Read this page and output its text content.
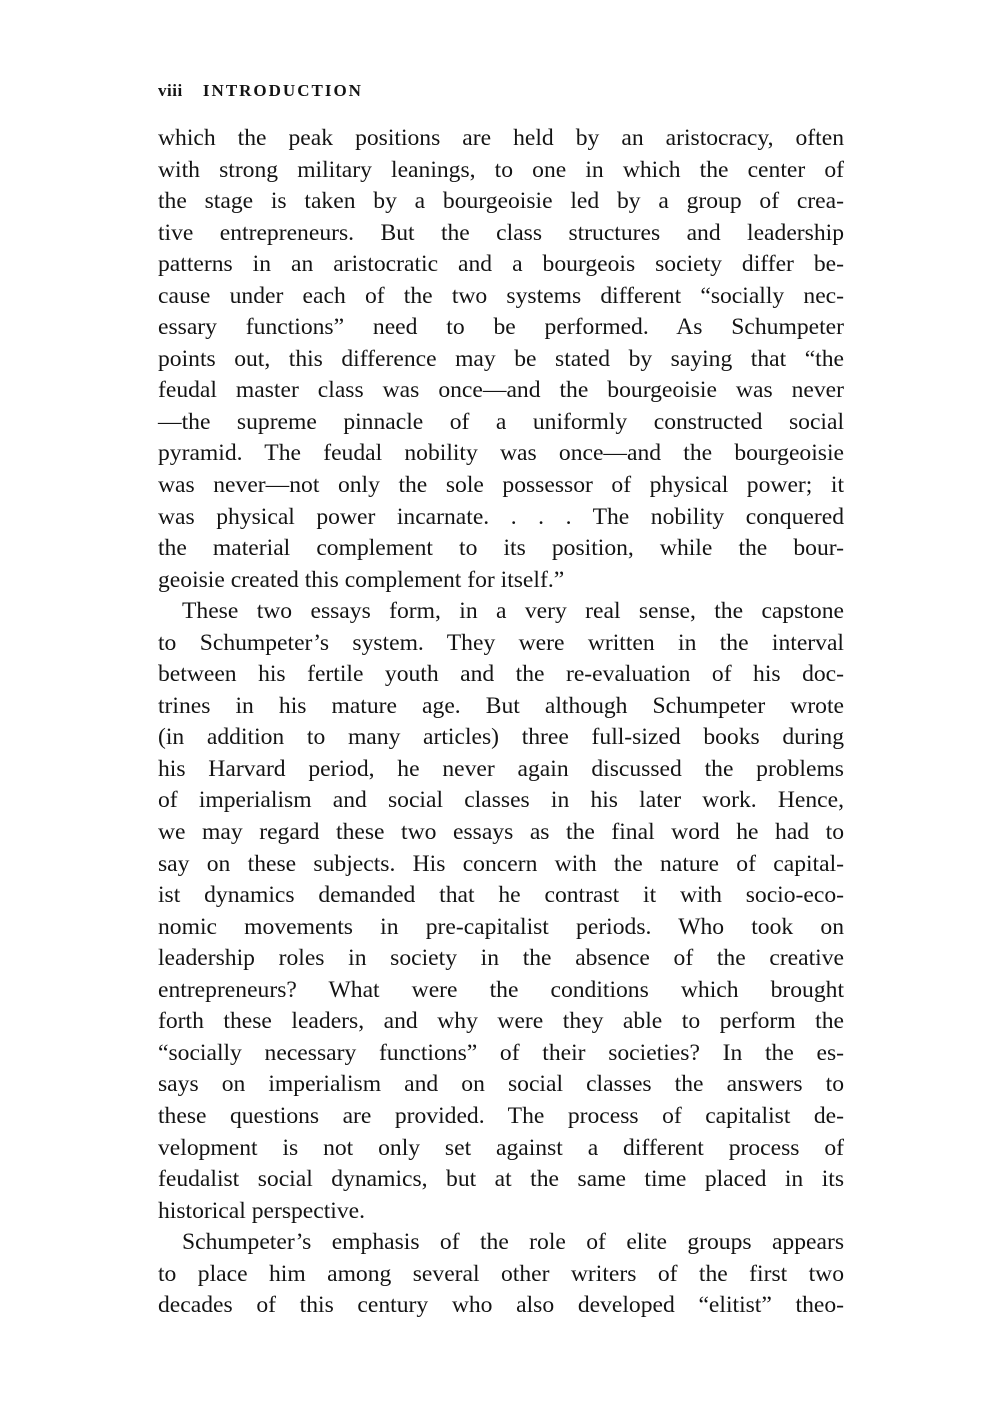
viii INTRODUCTION
which the peak positions are held by an aristocracy, often
with strong military leanings, to one in which the center of
the stage is taken by a bourgeoisie led by a group of crea-
tive entrepreneurs. But the class structures and leadership
patterns in an aristocratic and a bourgeois society differ be-
cause under each of the two systems different “socially nec-
essary functions” need to be performed. As Schumpeter
points out, this difference may be stated by saying that “the
feudal master class was once—and the bourgeoisie was never
—the supreme pinnacle of a uniformly constructed social
pyramid. The feudal nobility was once—and the bourgeoisie
was never—not only the sole possessor of physical power; it
was physical power incarnate. . . . The nobility conquered
the material complement to its position, while the bour-
geoisie created this complement for itself.”
These two essays form, in a very real sense, the capstone
to Schumpeter’s system. They were written in the interval
between his fertile youth and the re-evaluation of his doc-
trines in his mature age. But although Schumpeter wrote
(in addition to many articles) three full-sized books during
his Harvard period, he never again discussed the problems
of imperialism and social classes in his later work. Hence,
we may regard these two essays as the final word he had to
say on these subjects. His concern with the nature of capital-
ist dynamics demanded that he contrast it with socio-eco-
nomic movements in pre-capitalist periods. Who took on
leadership roles in society in the absence of the creative
entrepreneurs? What were the conditions which brought
forth these leaders, and why were they able to perform the
“socially necessary functions” of their societies? In the es-
says on imperialism and on social classes the answers to
these questions are provided. The process of capitalist de-
velopment is not only set against a different process of
feudalist social dynamics, but at the same time placed in its
historical perspective.
Schumpeter’s emphasis of the role of elite groups appears
to place him among several other writers of the first two
decades of this century who also developed “elitist” theo-
